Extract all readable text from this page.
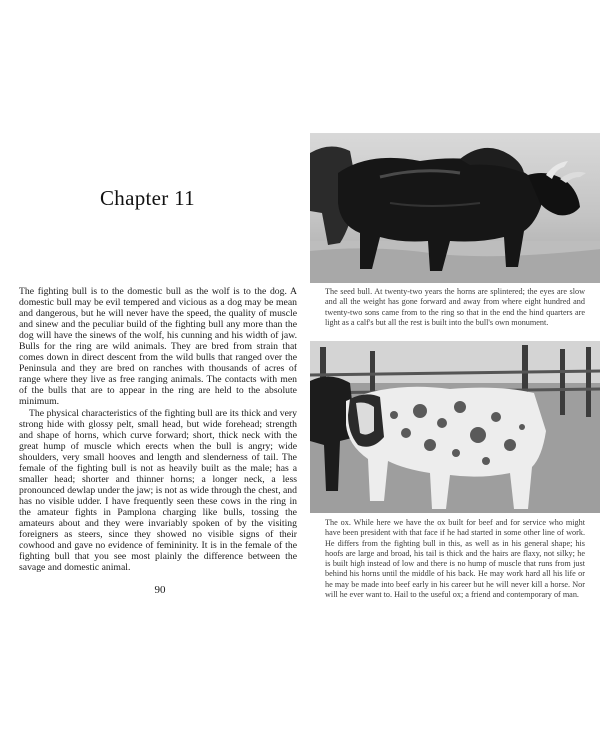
Chapter 11

The fighting bull is to the domestic bull as the wolf is to the dog. A domestic bull may be evil tempered and vicious as a dog may be mean and dangerous, but he will never have the speed, the quality of muscle and sinew and the peculiar build of the fighting bull any more than the dog will have the sinews of the wolf, his cunning and his width of jaw. Bulls for the ring are wild animals. They are bred from strain that comes down in direct descent from the wild bulls that ranged over the Peninsula and they are bred on ranches with thousands of acres of range where they live as free ranging animals. The contacts with men of the bulls that are to appear in the ring are held to the absolute minimum.

The physical characteristics of the fighting bull are its thick and very strong hide with glossy pelt, small head, but wide forehead; strength and shape of horns, which curve forward; short, thick neck with the great hump of muscle which erects when the bull is angry; wide shoulders, very small hooves and length and slenderness of tail. The female of the fighting bull is not as heavily built as the male; has a smaller head; shorter and thinner horns; a longer neck, a less pronounced dewlap under the jaw; is not as wide through the chest, and has no visible udder. I have frequently seen these cows in the ring in the amateur fights in Pamplona charging like bulls, tossing the amateurs about and they were invariably spoken of by the visiting foreigners as steers, since they showed no visible signs of their cowhood and gave no evidence of femininity. It is in the female of the fighting bull that you see most plainly the difference between the savage and domestic animal.

90
The seed bull. At twenty-two years the horns are splintered; the eyes are slow and all the weight has gone forward and away from where eight hundred and twenty-two sons came from to the ring so that in the end the hind quarters are light as a calf's but all the rest is built into the bull's own monument.
The ox. While here we have the ox built for beef and for service who might have been president with that face if he had started in some other line of work. He differs from the fighting bull in this, as well as in his general shape; his hoofs are large and broad, his tail is thick and the hairs are flaxy, not silky; he is built high instead of low and there is no hump of muscle that runs from just behind his horns until the middle of his back. He may work hard all his life or he may be made into beef early in his career but he will never kill a horse. Nor will he ever want to. Hail to the useful ox; a friend and contemporary of man.
